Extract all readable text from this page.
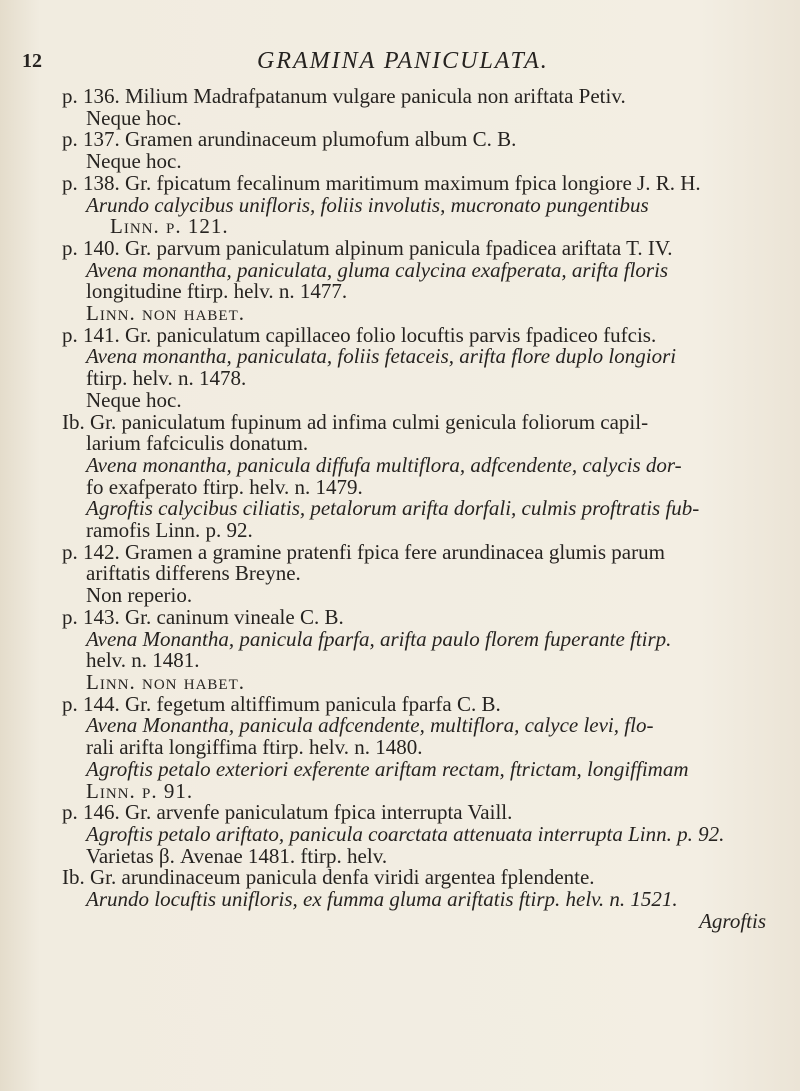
12	GRAMINA PANICULATA.
p. 136. Milium Madrafpatanum vulgare panicula non ariftata Petiv.
Neque hoc.
p. 137. Gramen arundinaceum plumofum album C. B.
Neque hoc.
p. 138. Gr. fpicatum fecalinum maritimum maximum fpica longiore J. R. H.
Arundo calycibus unifloris, foliis involutis, mucronato pungentibus
Linn. p. 121.
p. 140. Gr. parvum paniculatum alpinum panicula fpadicea ariftata T. IV.
Avena monantha, paniculata, gluma calycina exafperata, arifta floris
longitudine ftirp. helv. n. 1477.
Linn. non habet.
p. 141. Gr. paniculatum capillaceo folio locuftis parvis fpadiceo fufcis.
Avena monantha, paniculata, foliis fetaceis, arifta flore duplo longiori
ftirp. helv. n. 1478.
Neque hoc.
Ib. Gr. paniculatum fupinum ad infima culmi genicula foliorum capil-
larium fafciculis donatum.
Avena monantha, panicula diffufa multiflora, adfcendente, calycis dor-
fo exafperato ftirp. helv. n. 1479.
Agroftis calycibus ciliatis, petalorum arifta dorfali, culmis proftratis fub-
ramofis Linn. p. 92.
p. 142. Gramen a gramine pratenfi fpica fere arundinacea glumis parum
ariftatis differens Breyne.
Non reperio.
p. 143. Gr. caninum vineale C. B.
Avena Monantha, panicula fparfa, arifta paulo florem fuperante ftirp.
helv. n. 1481.
Linn. non habet.
p. 144. Gr. fegetum altiffimum panicula fparfa C. B.
Avena Monantha, panicula adfcendente, multiflora, calyce levi, flo-
rali arifta longiffima ftirp. helv. n. 1480.
Agroftis petalo exteriori exferente ariftam rectam, ftrictam, longiffimam
Linn. p. 91.
p. 146. Gr. arvenfe paniculatum fpica interrupta Vaill.
Agroftis petalo ariftato, panicula coarctata attenuata interrupta Linn. p. 92.
Varietas β. Avenae 1481. ftirp. helv.
Ib. Gr. arundinaceum panicula denfa viridi argentea fplendente.
Arundo locuftis unifloris, ex fumma gluma ariftatis ftirp. helv. n. 1521.
Agroftis
